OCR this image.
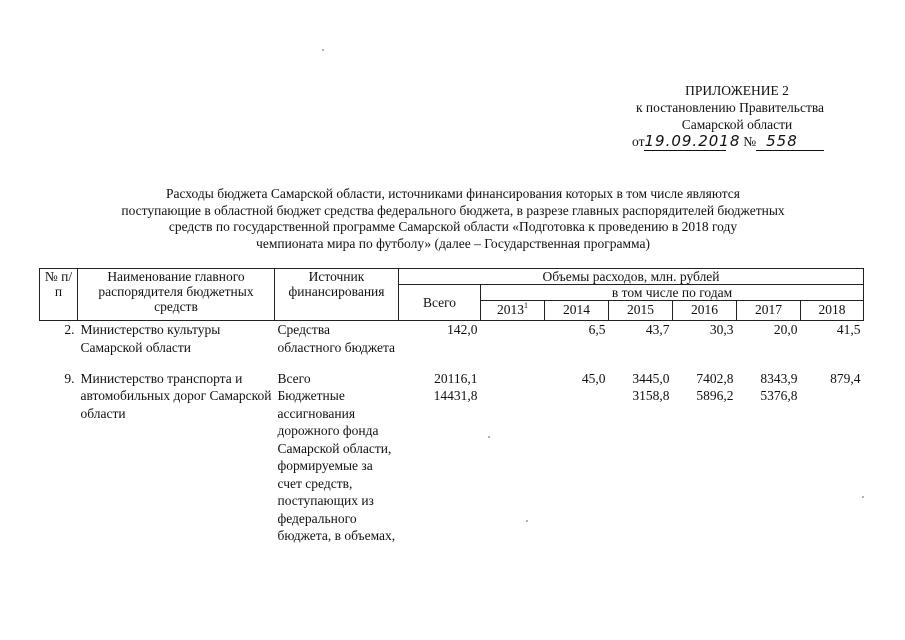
ПРИЛОЖЕНИЕ 2
к постановлению Правительства
Самарской области
от19.09.2018 № 558
Расходы бюджета Самарской области, источниками финансирования которых в том числе являются
поступающие в областной бюджет средства федерального бюджета, в разрезе главных распорядителей бюджетных
средств по государственной программе Самарской области «Подготовка к проведению в 2018 году
чемпионата мира по футболу» (далее – Государственная программа)
№ п/п	Наименование главного распорядителя бюджетных средств	Источник финансирования	Объемы расходов, млн. рублей						
			Всего	в том числе по годам					
				2013$^1$	2014	2015	2016	2017	2018
2.	Министерство культуры Самарской области	Средства областного бюджета	142,0		6,5	43,7	30,3	20,0	41,5
9.	Министерство транспорта и автомобильных дорог Самарской области	Всего	20116,1		45,0	3445,0	7402,8	8343,9	879,4
		Бюджетные ассигнования дорожного фонда Самарской области, формируемые за счет средств, поступающих из федерального бюджета, в объемах,	14431,8			3158,8	5896,2	5376,8	
